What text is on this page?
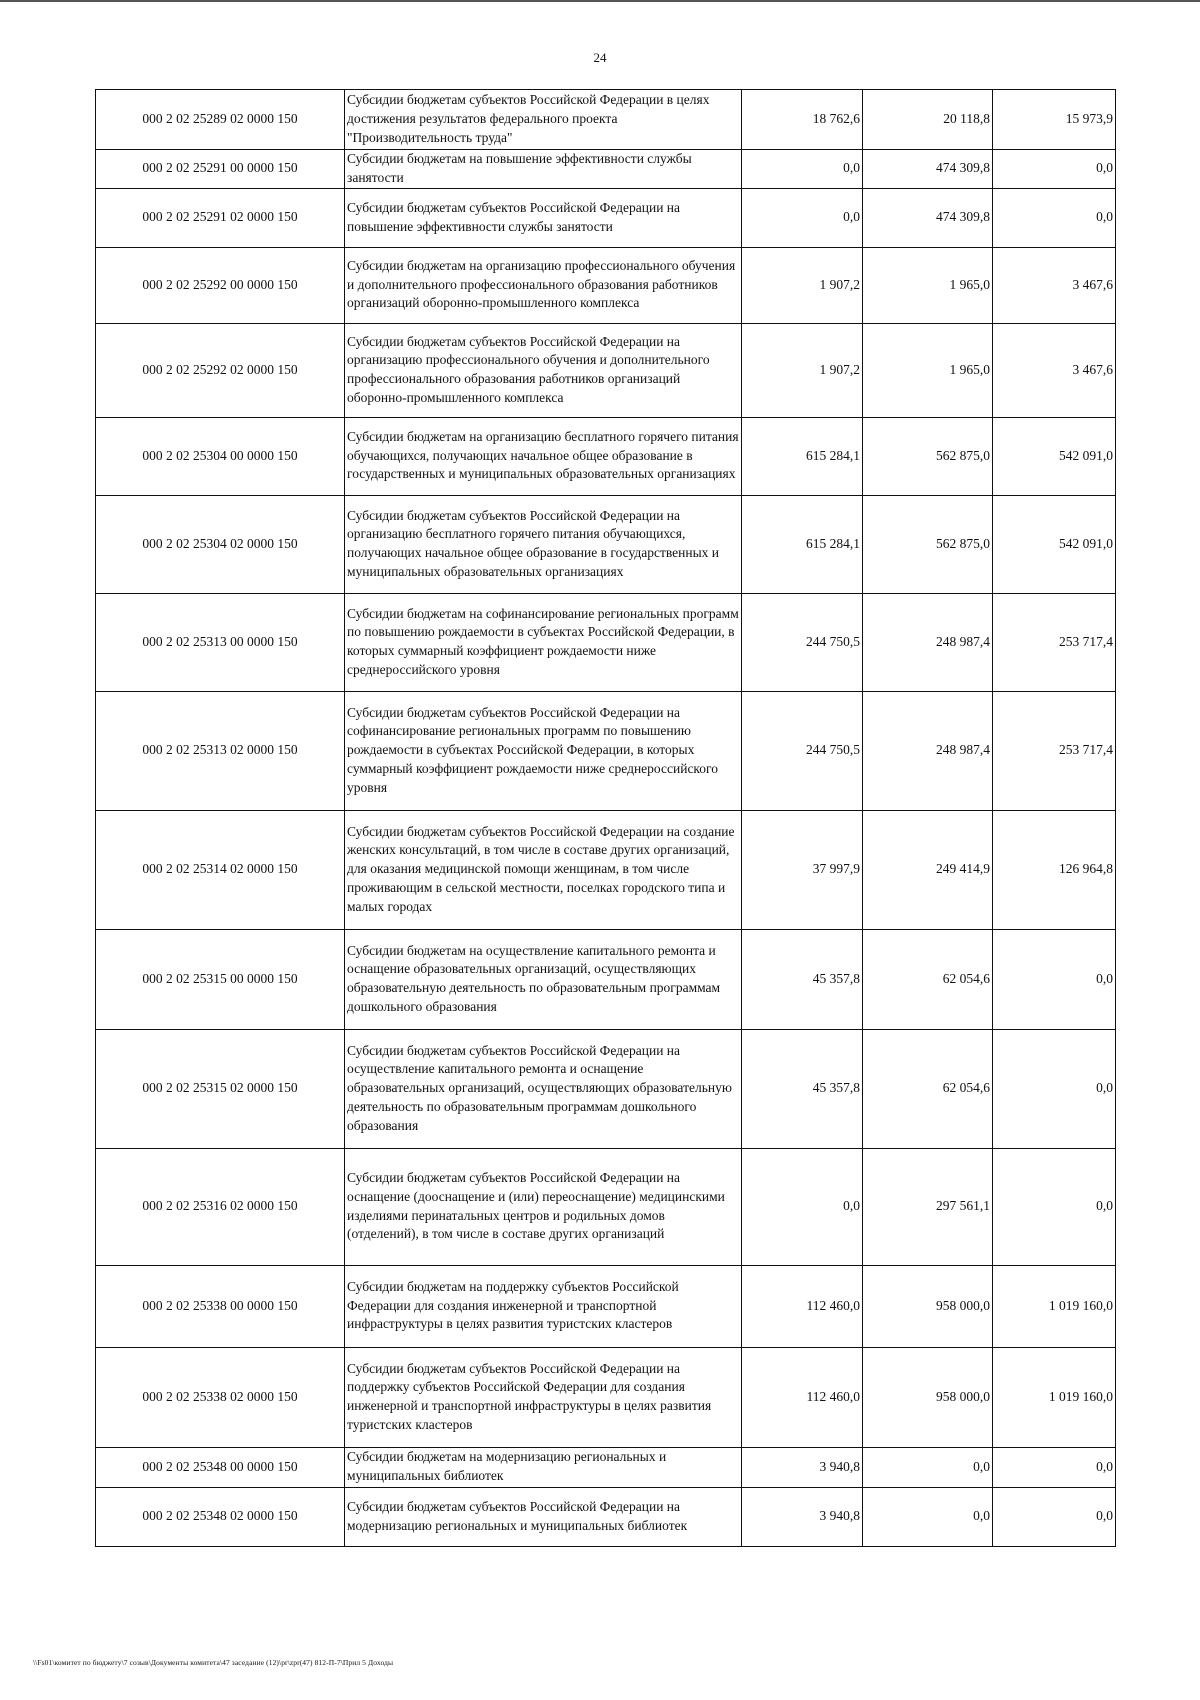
24
000 2 02 25289 02 0000 150	Субсидии бюджетам субъектов Российской Федерации в целях достижения результатов федерального проекта "Производительность труда"	18 762,6	20 118,8	15 973,9
000 2 02 25291 00 0000 150	Субсидии бюджетам на повышение эффективности службы занятости	0,0	474 309,8	0,0
000 2 02 25291 02 0000 150	Субсидии бюджетам субъектов Российской Федерации на повышение эффективности службы занятости	0,0	474 309,8	0,0
000 2 02 25292 00 0000 150	Субсидии бюджетам на организацию профессионального обучения и дополнительного профессионального образования работников организаций оборонно-промышленного комплекса	1 907,2	1 965,0	3 467,6
000 2 02 25292 02 0000 150	Субсидии бюджетам субъектов Российской Федерации на организацию профессионального обучения и дополнительного профессионального образования работников организаций оборонно-промышленного комплекса	1 907,2	1 965,0	3 467,6
000 2 02 25304 00 0000 150	Субсидии бюджетам на организацию бесплатного горячего питания обучающихся, получающих начальное общее образование в государственных и муниципальных образовательных организациях	615 284,1	562 875,0	542 091,0
000 2 02 25304 02 0000 150	Субсидии бюджетам субъектов Российской Федерации на организацию бесплатного горячего питания обучающихся, получающих начальное общее образование в государственных и муниципальных образовательных организациях	615 284,1	562 875,0	542 091,0
000 2 02 25313 00 0000 150	Субсидии бюджетам на софинансирование региональных программ по повышению рождаемости в субъектах Российской Федерации, в которых суммарный коэффициент рождаемости ниже среднероссийского уровня	244 750,5	248 987,4	253 717,4
000 2 02 25313 02 0000 150	Субсидии бюджетам субъектов Российской Федерации на софинансирование региональных программ по повышению рождаемости в субъектах Российской Федерации, в которых суммарный коэффициент рождаемости ниже среднероссийского уровня	244 750,5	248 987,4	253 717,4
000 2 02 25314 02 0000 150	Субсидии бюджетам субъектов Российской Федерации на создание женских консультаций, в том числе в составе других организаций, для оказания медицинской помощи женщинам, в том числе проживающим в сельской местности, поселках городского типа и малых городах	37 997,9	249 414,9	126 964,8
000 2 02 25315 00 0000 150	Субсидии бюджетам на осуществление капитального ремонта и оснащение образовательных организаций, осуществляющих образовательную деятельность по образовательным программам дошкольного образования	45 357,8	62 054,6	0,0
000 2 02 25315 02 0000 150	Субсидии бюджетам субъектов Российской Федерации на осуществление капитального ремонта и оснащение образовательных организаций, осуществляющих образовательную деятельность по образовательным программам дошкольного образования	45 357,8	62 054,6	0,0
000 2 02 25316 02 0000 150	Субсидии бюджетам субъектов Российской Федерации на оснащение (дооснащение и (или) переоснащение) медицинскими изделиями перинатальных центров и родильных домов (отделений), в том числе в составе других организаций	0,0	297 561,1	0,0
000 2 02 25338 00 0000 150	Субсидии бюджетам на поддержку субъектов Российской Федерации для создания инженерной и транспортной инфраструктуры в целях развития туристских кластеров	112 460,0	958 000,0	1 019 160,0
000 2 02 25338 02 0000 150	Субсидии бюджетам субъектов Российской Федерации на поддержку субъектов Российской Федерации для создания инженерной и транспортной инфраструктуры в целях развития туристских кластеров	112 460,0	958 000,0	1 019 160,0
000 2 02 25348 00 0000 150	Субсидии бюджетам на модернизацию региональных и муниципальных библиотек	3 940,8	0,0	0,0
000 2 02 25348 02 0000 150	Субсидии бюджетам субъектов Российской Федерации на модернизацию региональных и муниципальных библиотек	3 940,8	0,0	0,0
\\Fs01\комитет по бюджету\7 созыв\Документы комитета\47 заседание (12)\pr\zpr(47) 812-П-7\Прил 5 Доходы
